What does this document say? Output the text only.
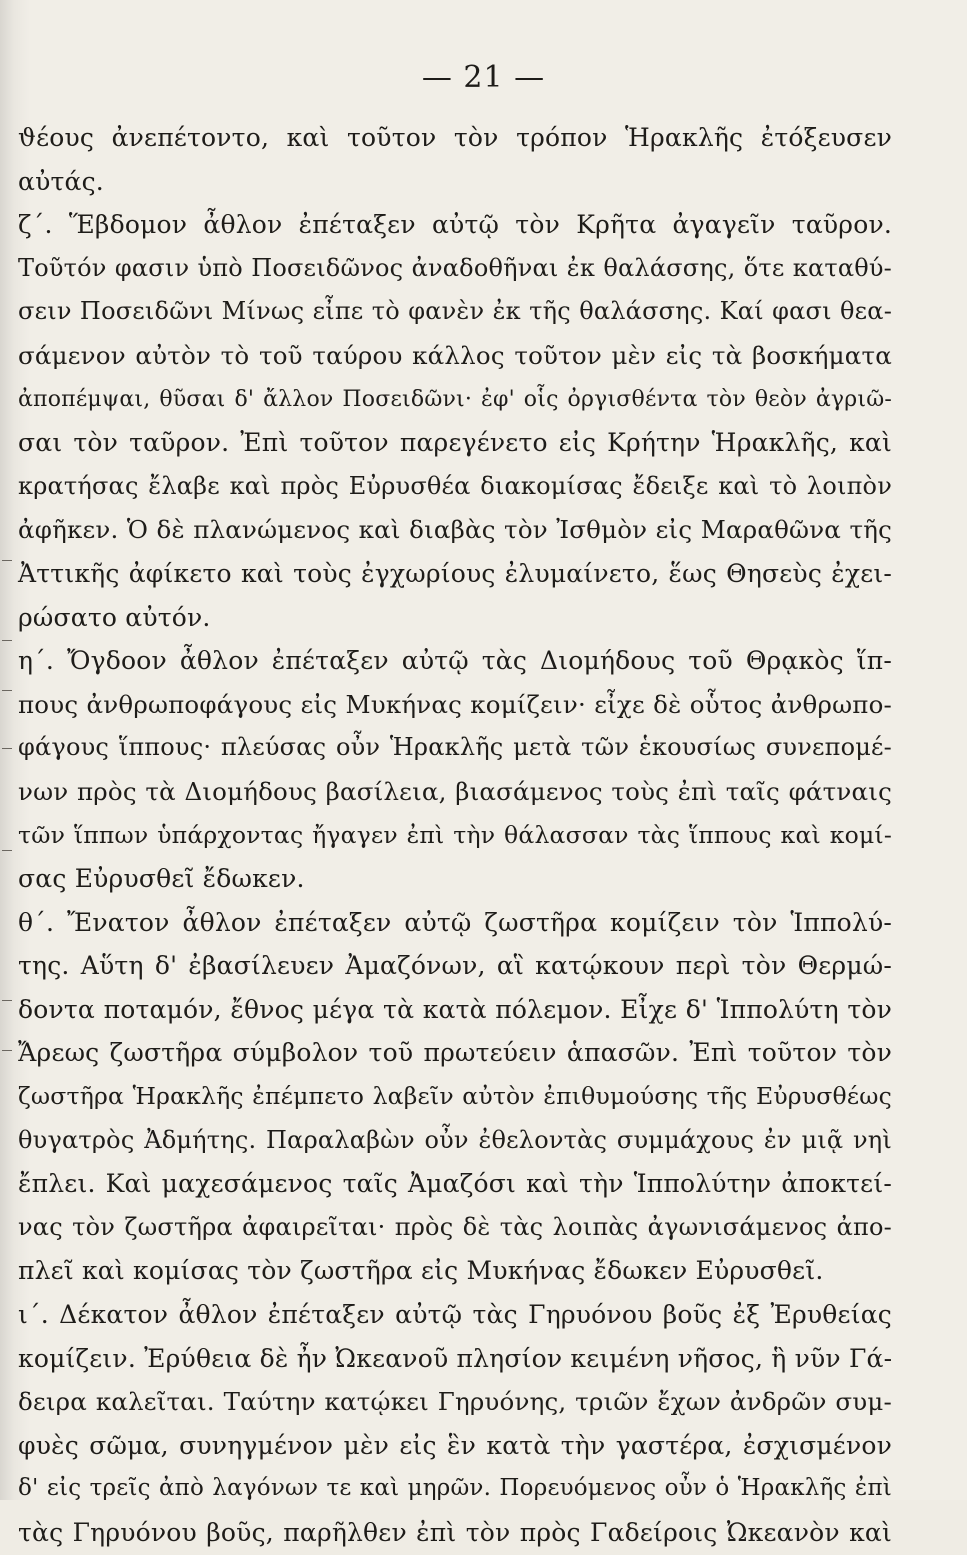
— 21 —
ϑέους ἀνεπέτοντο, καὶ τοῦτον τὸν τρόπον Ἡρακλῆς ἐτόξευσεν
αὐτάς.
ζ΄. Ἕβδομον ἆθλον ἐπέταξεν αὐτῷ τὸν Κρῆτα ἀγαγεῖν ταῦρον.
Τοῦτόν φασιν ὑπὸ Ποσειδῶνος ἀναδοθῆναι ἐκ θαλάσσης, ὅτε καταθύ-
σειν Ποσειδῶνι Μίνως εἶπε τὸ φανὲν ἐκ τῆς θαλάσσης. Καί φασι θεα-
σάμενον αὐτὸν τὸ τοῦ ταύρου κάλλος τοῦτον μὲν εἰς τὰ βοσκήματα
ἀποπέμψαι, θῦσαι δ' ἄλλον Ποσειδῶνι· ἐφ' οἷς ὀργισθέντα τὸν θεὸν ἀγριῶ-
σαι τὸν ταῦρον. Ἐπὶ τοῦτον παρεγένετο εἰς Κρήτην Ἡρακλῆς, καὶ
κρατήσας ἔλαβε καὶ πρὸς Εὐρυσθέα διακομίσας ἔδειξε καὶ τὸ λοιπὸν
ἀφῆκεν. Ὁ δὲ πλανώμενος καὶ διαβὰς τὸν Ἰσθμὸν εἰς Μαραθῶνα τῆς
Ἀττικῆς ἀφίκετο καὶ τοὺς ἐγχωρίους ἐλυμαίνετο, ἕως Θησεὺς ἐχει-
ρώσατο αὐτόν.
η΄. Ὄγδοον ἆθλον ἐπέταξεν αὐτῷ τὰς Διομήδους τοῦ Θρᾳκὸς ἵπ-
πους ἀνθρωποφάγους εἰς Μυκήνας κομίζειν· εἶχε δὲ οὗτος ἀνθρωπο-
φάγους ἵππους· πλεύσας οὖν Ἡρακλῆς μετὰ τῶν ἑκουσίως συνεπομέ-
νων πρὸς τὰ Διομήδους βασίλεια, βιασάμενος τοὺς ἐπὶ ταῖς φάτναις
τῶν ἵππων ὑπάρχοντας ἤγαγεν ἐπὶ τὴν θάλασσαν τὰς ἵππους καὶ κομί-
σας Εὐρυσθεῖ ἔδωκεν.
θ΄. Ἔνατον ἆθλον ἐπέταξεν αὐτῷ ζωστῆρα κομίζειν τὸν Ἱππολύ-
της. Αὕτη δ' ἐβασίλευεν Ἀμαζόνων, αἳ κατῴκουν περὶ τὸν Θερμώ-
δοντα ποταμόν, ἔθνος μέγα τὰ κατὰ πόλεμον. Εἶχε δ' Ἱππολύτη τὸν
Ἄρεως ζωστῆρα σύμβολον τοῦ πρωτεύειν ἁπασῶν. Ἐπὶ τοῦτον τὸν
ζωστῆρα Ἡρακλῆς ἐπέμπετο λαβεῖν αὐτὸν ἐπιθυμούσης τῆς Εὐρυσθέως
θυγατρὸς Ἀδμήτης. Παραλαβὼν οὖν ἐθελοντὰς συμμάχους ἐν μιᾷ νηὶ
ἔπλει. Καὶ μαχεσάμενος ταῖς Ἀμαζόσι καὶ τὴν Ἱππολύτην ἀποκτεί-
νας τὸν ζωστῆρα ἀφαιρεῖται· πρὸς δὲ τὰς λοιπὰς ἀγωνισάμενος ἀπο-
πλεῖ καὶ κομίσας τὸν ζωστῆρα εἰς Μυκήνας ἔδωκεν Εὐρυσθεῖ.
ι΄. Δέκατον ἆθλον ἐπέταξεν αὐτῷ τὰς Γηρυόνου βοῦς ἐξ Ἐρυθείας
κομίζειν. Ἐρύθεια δὲ ἦν Ὠκεανοῦ πλησίον κειμένη νῆσος, ἣ νῦν Γά-
δειρα καλεῖται. Ταύτην κατῴκει Γηρυόνης, τριῶν ἔχων ἀνδρῶν συμ-
φυὲς σῶμα, συνηγμένον μὲν εἰς ἓν κατὰ τὴν γαστέρα, ἐσχισμένον
δ' εἰς τρεῖς ἀπὸ λαγόνων τε καὶ μηρῶν. Πορευόμενος οὖν ὁ Ἡρακλῆς ἐπὶ
τὰς Γηρυόνου βοῦς, παρῆλθεν ἐπὶ τὸν πρὸς Γαδείροις Ὠκεανὸν καὶ
